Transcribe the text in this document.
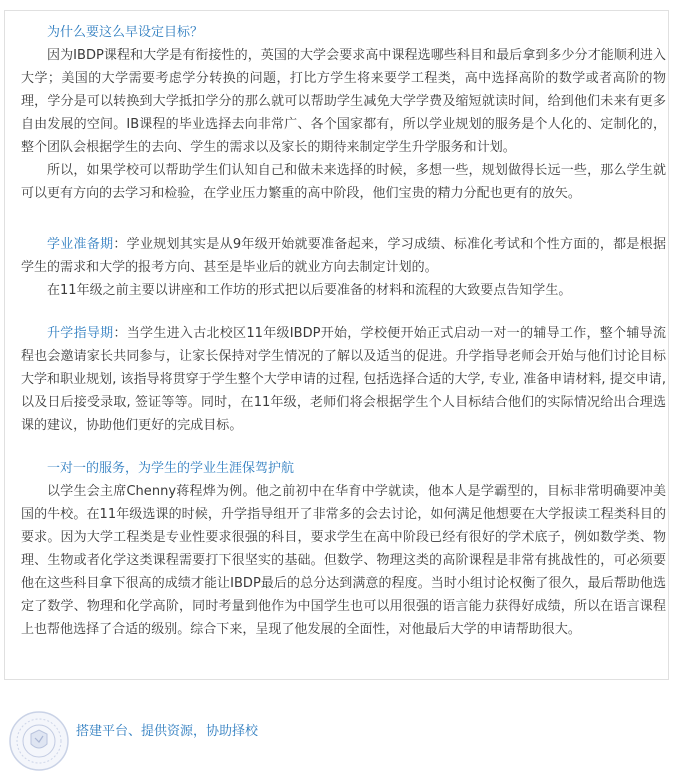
为什么要这么早设定目标？

因为IBDP课程和大学是有衔接性的，英国的大学会要求高中课程选哪些科目和最后拿到多少分才能顺利进入大学；美国的大学需要考虑学分转换的问题，打比方学生将来要学工程类，高中选择高阶的数学或者高阶的物理，学分是可以转换到大学抵扣学分的那么就可以帮助学生减免大学学费及缩短就读时间，给到他们未来有更多自由发展的空间。IB课程的毕业选择去向非常广、各个国家都有，所以学业规划的服务是个人化的、定制化的，整个团队会根据学生的去向、学生的需求以及家长的期待来制定学生升学服务和计划。

所以，如果学校可以帮助学生们认知自己和做未来选择的时候，多想一些，规划做得长远一些，那么学生就可以更有方向的去学习和检验，在学业压力繁重的高中阶段，他们宝贵的精力分配也更有的放矢。

学业准备期：学业规划其实是从9年级开始就要准备起来，学习成绩、标准化考试和个性方面的，都是根据学生的需求和大学的报考方向、甚至是毕业后的就业方向去制定计划的。

在11年级之前主要以讲座和工作坊的形式把以后要准备的材料和流程的大致要点告知学生。

升学指导期：当学生进入古北校区11年级IBDP开始，学校便开始正式启动一对一的辅导工作，整个辅导流程也会邀请家长共同参与，让家长保持对学生情况的了解以及适当的促进。升学指导老师会开始与他们讨论目标大学和职业规划, 该指导将贯穿于学生整个大学申请的过程, 包括选择合适的大学, 专业, 准备申请材料, 提交申请, 以及日后接受录取, 签证等等。同时，在11年级，老师们将会根据学生个人目标结合他们的实际情况给出合理选课的建议，协助他们更好的完成目标。

一对一的服务，为学生的学业生涯保驾护航

以学生会主席Chenny蒋程烨为例。他之前初中在华育中学就读，他本人是学霸型的，目标非常明确要冲美国的牛校。在11年级选课的时候，升学指导组开了非常多的会去讨论，如何满足他想要在大学报读工程类科目的要求。因为大学工程类是专业性要求很强的科目，要求学生在高中阶段已经有很好的学术底子，例如数学类、物理、生物或者化学这类课程需要打下很坚实的基础。但数学、物理这类的高阶课程是非常有挑战性的，可必须要他在这些科目拿下很高的成绩才能让IBDP最后的总分达到满意的程度。当时小组讨论权衡了很久，最后帮助他选定了数学、物理和化学高阶，同时考量到他作为中国学生也可以用很强的语言能力获得好成绩，所以在语言课程上也帮他选择了合适的级别。综合下来，呈现了他发展的全面性，对他最后大学的申请帮助很大。

搭建平台、提供资源，协助择校
